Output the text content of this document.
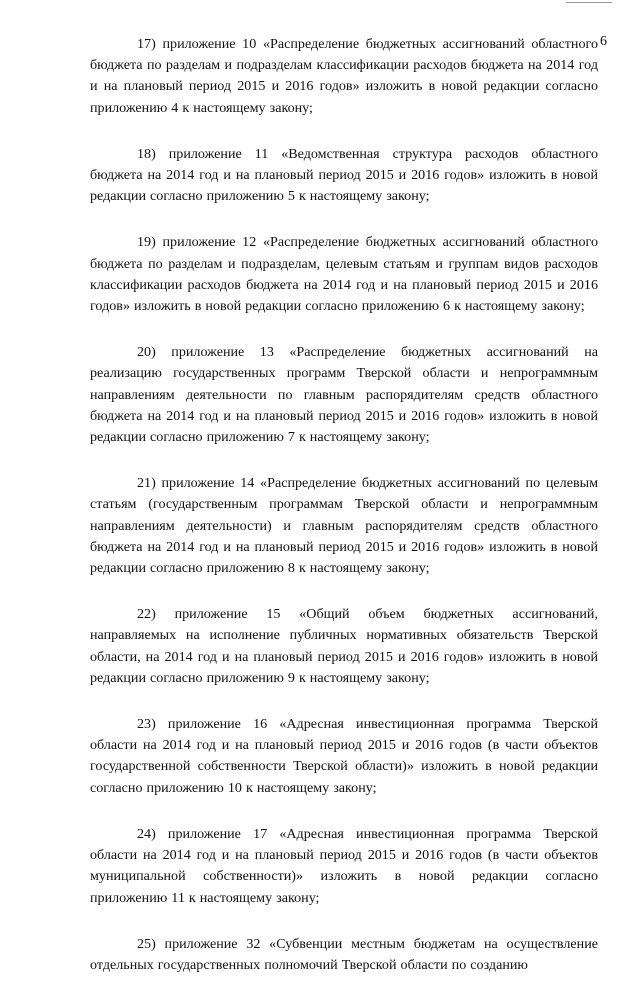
6

17) приложение 10 «Распределение бюджетных ассигнований областного бюджета по разделам и подразделам классификации расходов бюджета на 2014 год и на плановый период 2015 и 2016 годов» изложить в новой редакции согласно приложению 4 к настоящему закону;

18) приложение 11 «Ведомственная структура расходов областного бюджета на 2014 год и на плановый период 2015 и 2016 годов» изложить в новой редакции согласно приложению 5 к настоящему закону;

19) приложение 12 «Распределение бюджетных ассигнований областного бюджета по разделам и подразделам, целевым статьям и группам видов расходов классификации расходов бюджета на 2014 год и на плановый период 2015 и 2016 годов» изложить в новой редакции согласно приложению 6 к настоящему закону;

20) приложение 13 «Распределение бюджетных ассигнований на реализацию государственных программ Тверской области и непрограммным направлениям деятельности по главным распорядителям средств областного бюджета на 2014 год и на плановый период 2015 и 2016 годов» изложить в новой редакции согласно приложению 7 к настоящему закону;

21) приложение 14 «Распределение бюджетных ассигнований по целевым статьям (государственным программам Тверской области и непрограммным направлениям деятельности) и главным распорядителям средств областного бюджета на 2014 год и на плановый период 2015 и 2016 годов» изложить в новой редакции согласно приложению 8 к настоящему закону;

22) приложение 15 «Общий объем бюджетных ассигнований, направляемых на исполнение публичных нормативных обязательств Тверской области, на 2014 год и на плановый период 2015 и 2016 годов» изложить в новой редакции согласно приложению 9 к настоящему закону;

23) приложение 16 «Адресная инвестиционная программа Тверской области на 2014 год и на плановый период 2015 и 2016 годов (в части объектов государственной собственности Тверской области)» изложить в новой редакции согласно приложению 10 к настоящему закону;

24) приложение 17 «Адресная инвестиционная программа Тверской области на 2014 год и на плановый период 2015 и 2016 годов (в части объектов муниципальной собственности)» изложить в новой редакции согласно приложению 11 к настоящему закону;

25) приложение 32 «Субвенции местным бюджетам на осуществление отдельных государственных полномочий Тверской области по созданию
